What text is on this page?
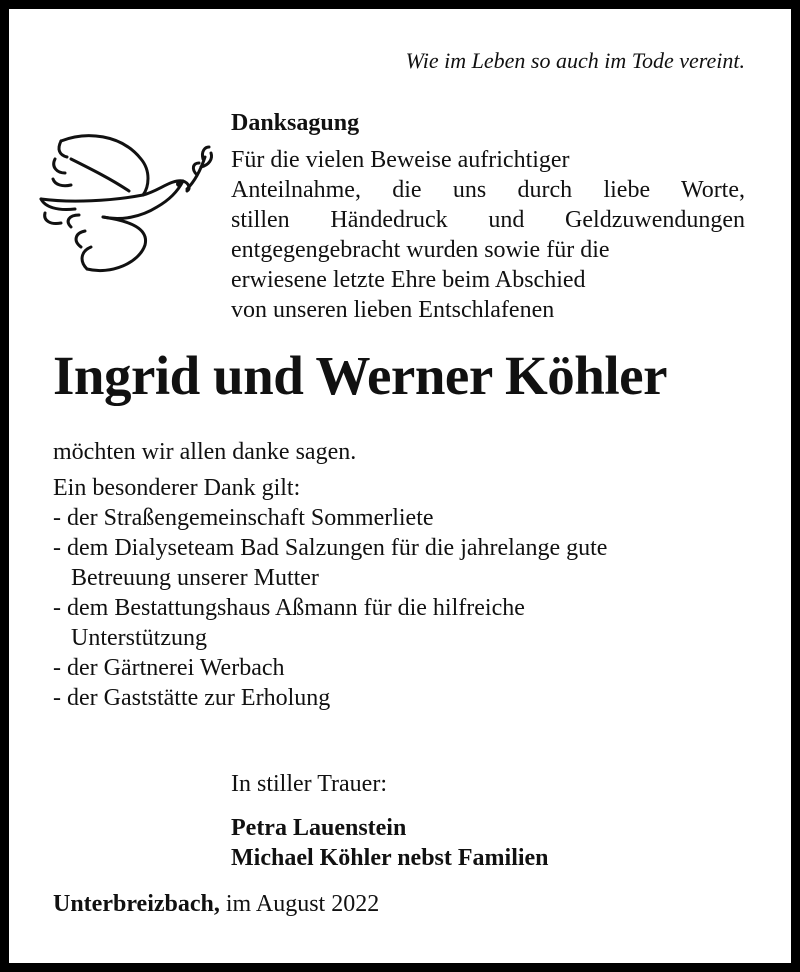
Wie im Leben so auch im Tode vereint.
Danksagung
Für die vielen Beweise aufrichtiger
Anteilnahme, die uns durch liebe Worte,
stillen Händedruck und Geldzuwendungen
entgegengebracht wurden sowie für die
erwiesene letzte Ehre beim Abschied
von unseren lieben Entschlafenen
Ingrid und Werner Köhler
möchten wir allen danke sagen.
Ein besonderer Dank gilt:
- der Straßengemeinschaft Sommerliete
- dem Dialyseteam Bad Salzungen für die jahrelange gute
Betreuung unserer Mutter
- dem Bestattungshaus Aßmann für die hilfreiche
Unterstützung
- der Gärtnerei Werbach
- der Gaststätte zur Erholung
In stiller Trauer:
Petra Lauenstein
Michael Köhler nebst Familien
Unterbreizbach, im August 2022
